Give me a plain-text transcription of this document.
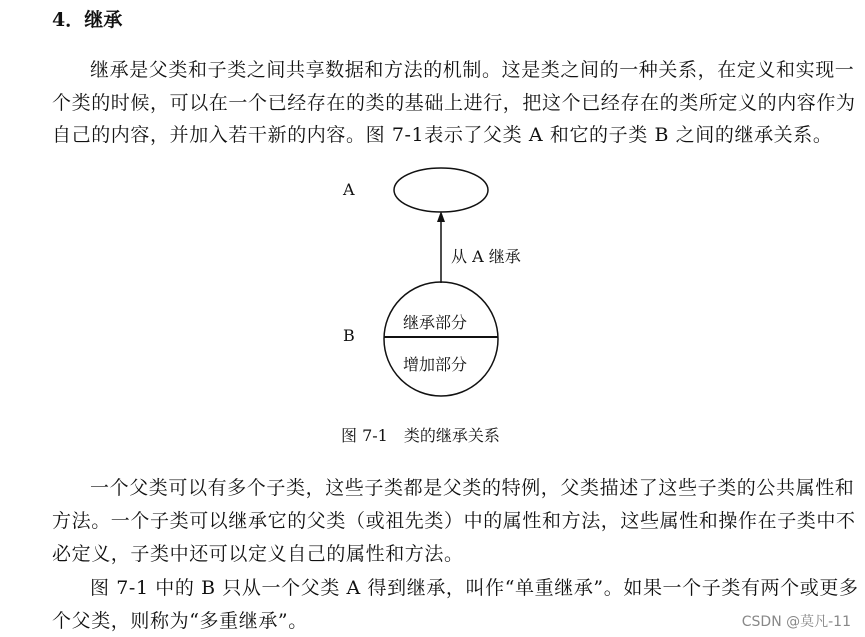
4．继承
继承是父类和子类之间共享数据和方法的机制。这是类之间的一种关系，在定义和实现一
个类的时候，可以在一个已经存在的类的基础上进行，把这个已经存在的类所定义的内容作为
自己的内容，并加入若干新的内容。图 7-1表示了父类 A 和它的子类 B 之间的继承关系。
A
B
从 A 继承
继承部分
增加部分
图 7-1　类的继承关系
一个父类可以有多个子类，这些子类都是父类的特例，父类描述了这些子类的公共属性和
方法。一个子类可以继承它的父类（或祖先类）中的属性和方法，这些属性和操作在子类中不
必定义，子类中还可以定义自己的属性和方法。
图 7-1 中的 B 只从一个父类 A 得到继承，叫作“单重继承”。如果一个子类有两个或更多
个父类，则称为“多重继承”。	CSDN @莫凡-11
